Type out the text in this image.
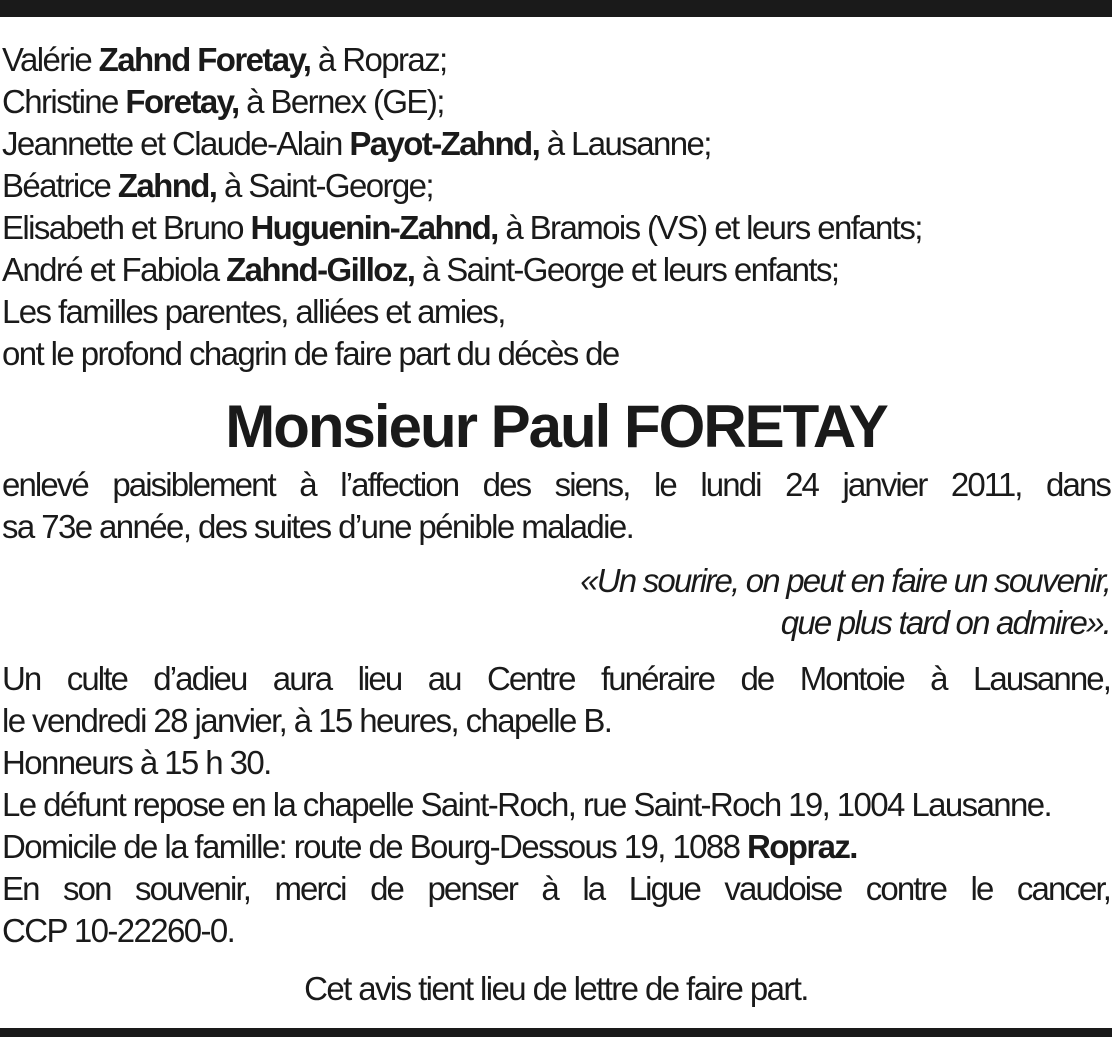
Valérie Zahnd Foretay, à Ropraz;
Christine Foretay, à Bernex (GE);
Jeannette et Claude-Alain Payot-Zahnd, à Lausanne;
Béatrice Zahnd, à Saint-George;
Elisabeth et Bruno Huguenin-Zahnd, à Bramois (VS) et leurs enfants;
André et Fabiola Zahnd-Gilloz, à Saint-George et leurs enfants;
Les familles parentes, alliées et amies,
ont le profond chagrin de faire part du décès de
Monsieur Paul FORETAY
enlevé paisiblement à l’affection des siens, le lundi 24 janvier 2011, dans
sa 73e année, des suites d’une pénible maladie.
«Un sourire, on peut en faire un souvenir,
que plus tard on admire».
Un culte d’adieu aura lieu au Centre funéraire de Montoie à Lausanne,
le vendredi 28 janvier, à 15 heures, chapelle B.
Honneurs à 15 h 30.
Le défunt repose en la chapelle Saint-Roch, rue Saint-Roch 19, 1004 Lausanne.
Domicile de la famille: route de Bourg-Dessous 19, 1088 Ropraz.
En son souvenir, merci de penser à la Ligue vaudoise contre le cancer,
CCP 10-22260-0.
Cet avis tient lieu de lettre de faire part.
